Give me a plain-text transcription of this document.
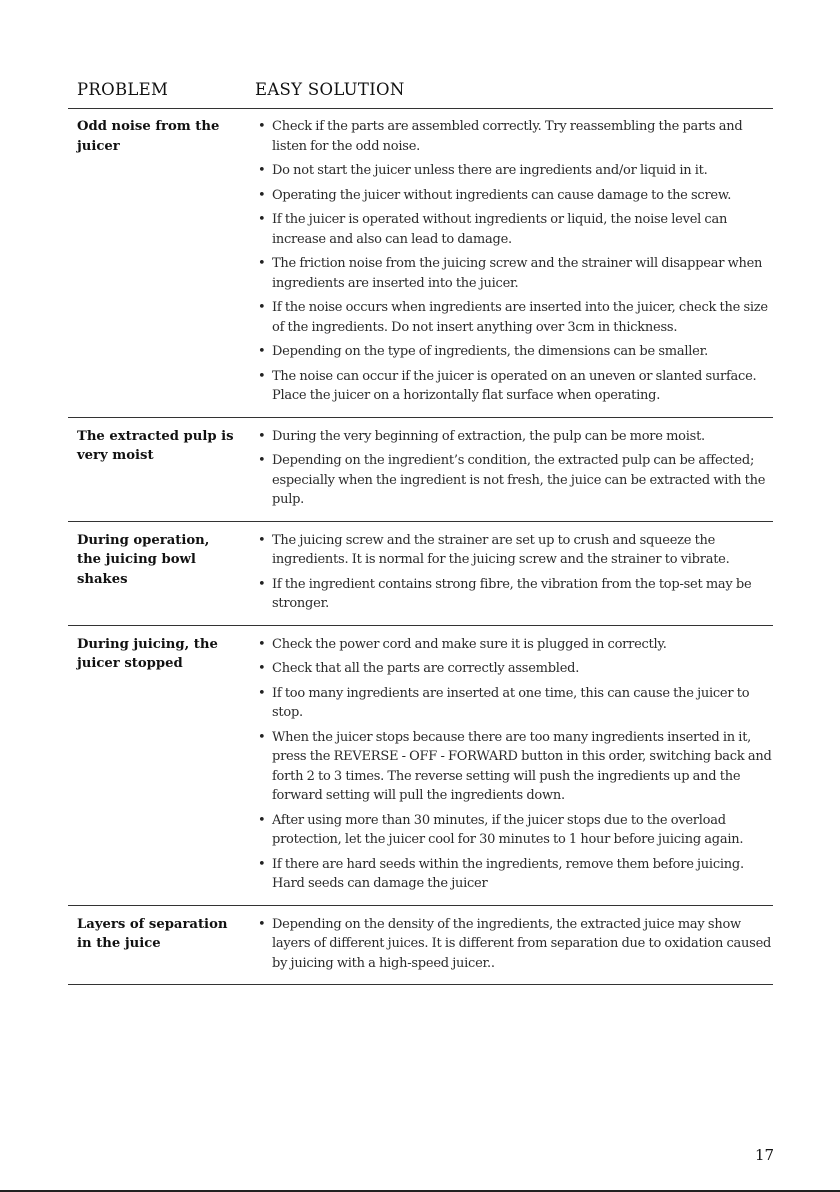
PROBLEM	EASY SOLUTION
Odd noise from the juicer
• Check if the parts are assembled correctly. Try reassembling the parts and listen for the odd noise.
• Do not start the juicer unless there are ingredients and/or liquid in it.
• Operating the juicer without ingredients can cause damage to the screw.
• If the juicer is operated without ingredients or liquid, the noise level can increase and also can lead to damage.
• The friction noise from the juicing screw and the strainer will disappear when ingredients are inserted into the juicer.
• If the noise occurs when ingredients are inserted into the juicer, check the size of the ingredients. Do not insert anything over 3cm in thickness.
• Depending on the type of ingredients, the dimensions can be smaller.
• The noise can occur if the juicer is operated on an uneven or slanted surface. Place the juicer on a horizontally flat surface when operating.
The extracted pulp is very moist
• During the very beginning of extraction, the pulp can be more moist.
• Depending on the ingredient’s condition, the extracted pulp can be affected; especially when the ingredient is not fresh, the juice can be extracted with the pulp.
During operation, the juicing bowl shakes
• The juicing screw and the strainer are set up to crush and squeeze the ingredients. It is normal for the juicing screw and the strainer to vibrate.
• If the ingredient contains strong fibre, the vibration from the top-set may be stronger.
During juicing, the juicer stopped
• Check the power cord and make sure it is plugged in correctly.
• Check that all the parts are correctly assembled.
• If too many ingredients are inserted at one time, this can cause the juicer to stop.
• When the juicer stops because there are too many ingredients inserted in it, press the REVERSE - OFF - FORWARD button in this order, switching back and forth 2 to 3 times. The reverse setting will push the ingredients up and the forward setting will pull the ingredients down.
• After using more than 30 minutes, if the juicer stops due to the overload protection, let the juicer cool for 30 minutes to 1 hour before juicing again.
• If there are hard seeds within the ingredients, remove them before juicing. Hard seeds can damage the juicer
Layers of separation in the juice
• Depending on the density of the ingredients, the extracted juice may show layers of different juices. It is different from separation due to oxidation caused by juicing with a high-speed juicer..
17
